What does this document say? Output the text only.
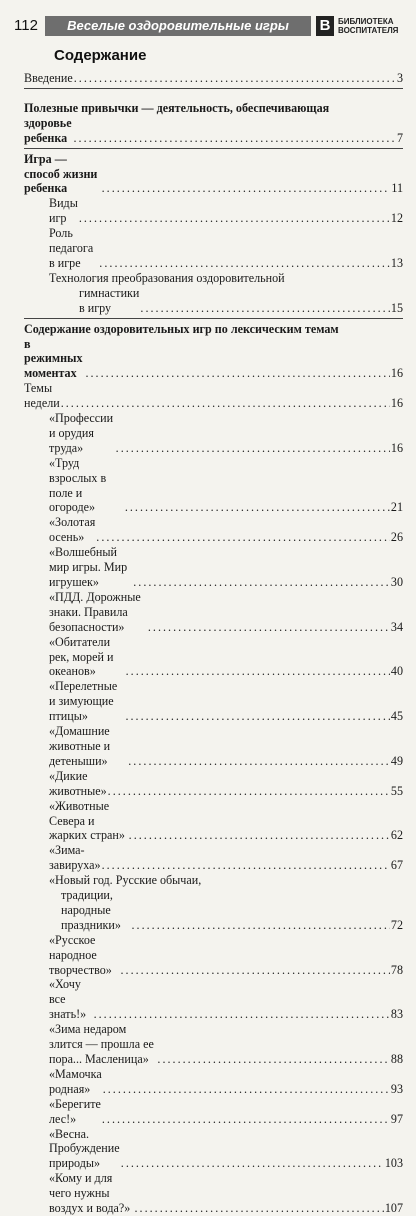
112	Веселые оздоровительные игры	В БИБЛИОТЕКА
ВОСПИТАТЕЛЯ
Содержание
Введение . . .	3
Полезные привычки — деятельность, обеспечивающая
здоровье ребенка . . .	7
Игра — способ жизни ребенка . . .	11
Виды игр . . .	12
Роль педагога в игре . . .	13
Технология преобразования оздоровительной
гимнастики в игру . . .	15
Содержание оздоровительных игр по лексическим темам
в режимных моментах . . .	16
Темы недели . . .	16
«Профессии и орудия труда» . . .	16
«Труд взрослых в поле и огороде» . . .	21
«Золотая осень» . . .	26
«Волшебный мир игры. Мир игрушек» . . .	30
«ПДД. Дорожные знаки. Правила безопасности» . . .	34
«Обитатели рек, морей и океанов» . . .	40
«Перелетные и зимующие птицы» . . .	45
«Домашние животные и детеныши» . . .	49
«Дикие животные» . . .	55
«Животные Севера и жарких стран» . . .	62
«Зима-завируха» . . .	67
«Новый год. Русские обычаи,
традиции, народные праздники» . . .	72
«Русское народное творчество» . . .	78
«Хочу все знать!» . . .	83
«Зима недаром злится — прошла ее пора... Масленица» . . .	88
«Мамочка родная» . . .	93
«Берегите лес!» . . .	97
«Весна. Пробуждение природы» . . .	103
«Кому и для чего нужны воздух и вода?» . . .	107
